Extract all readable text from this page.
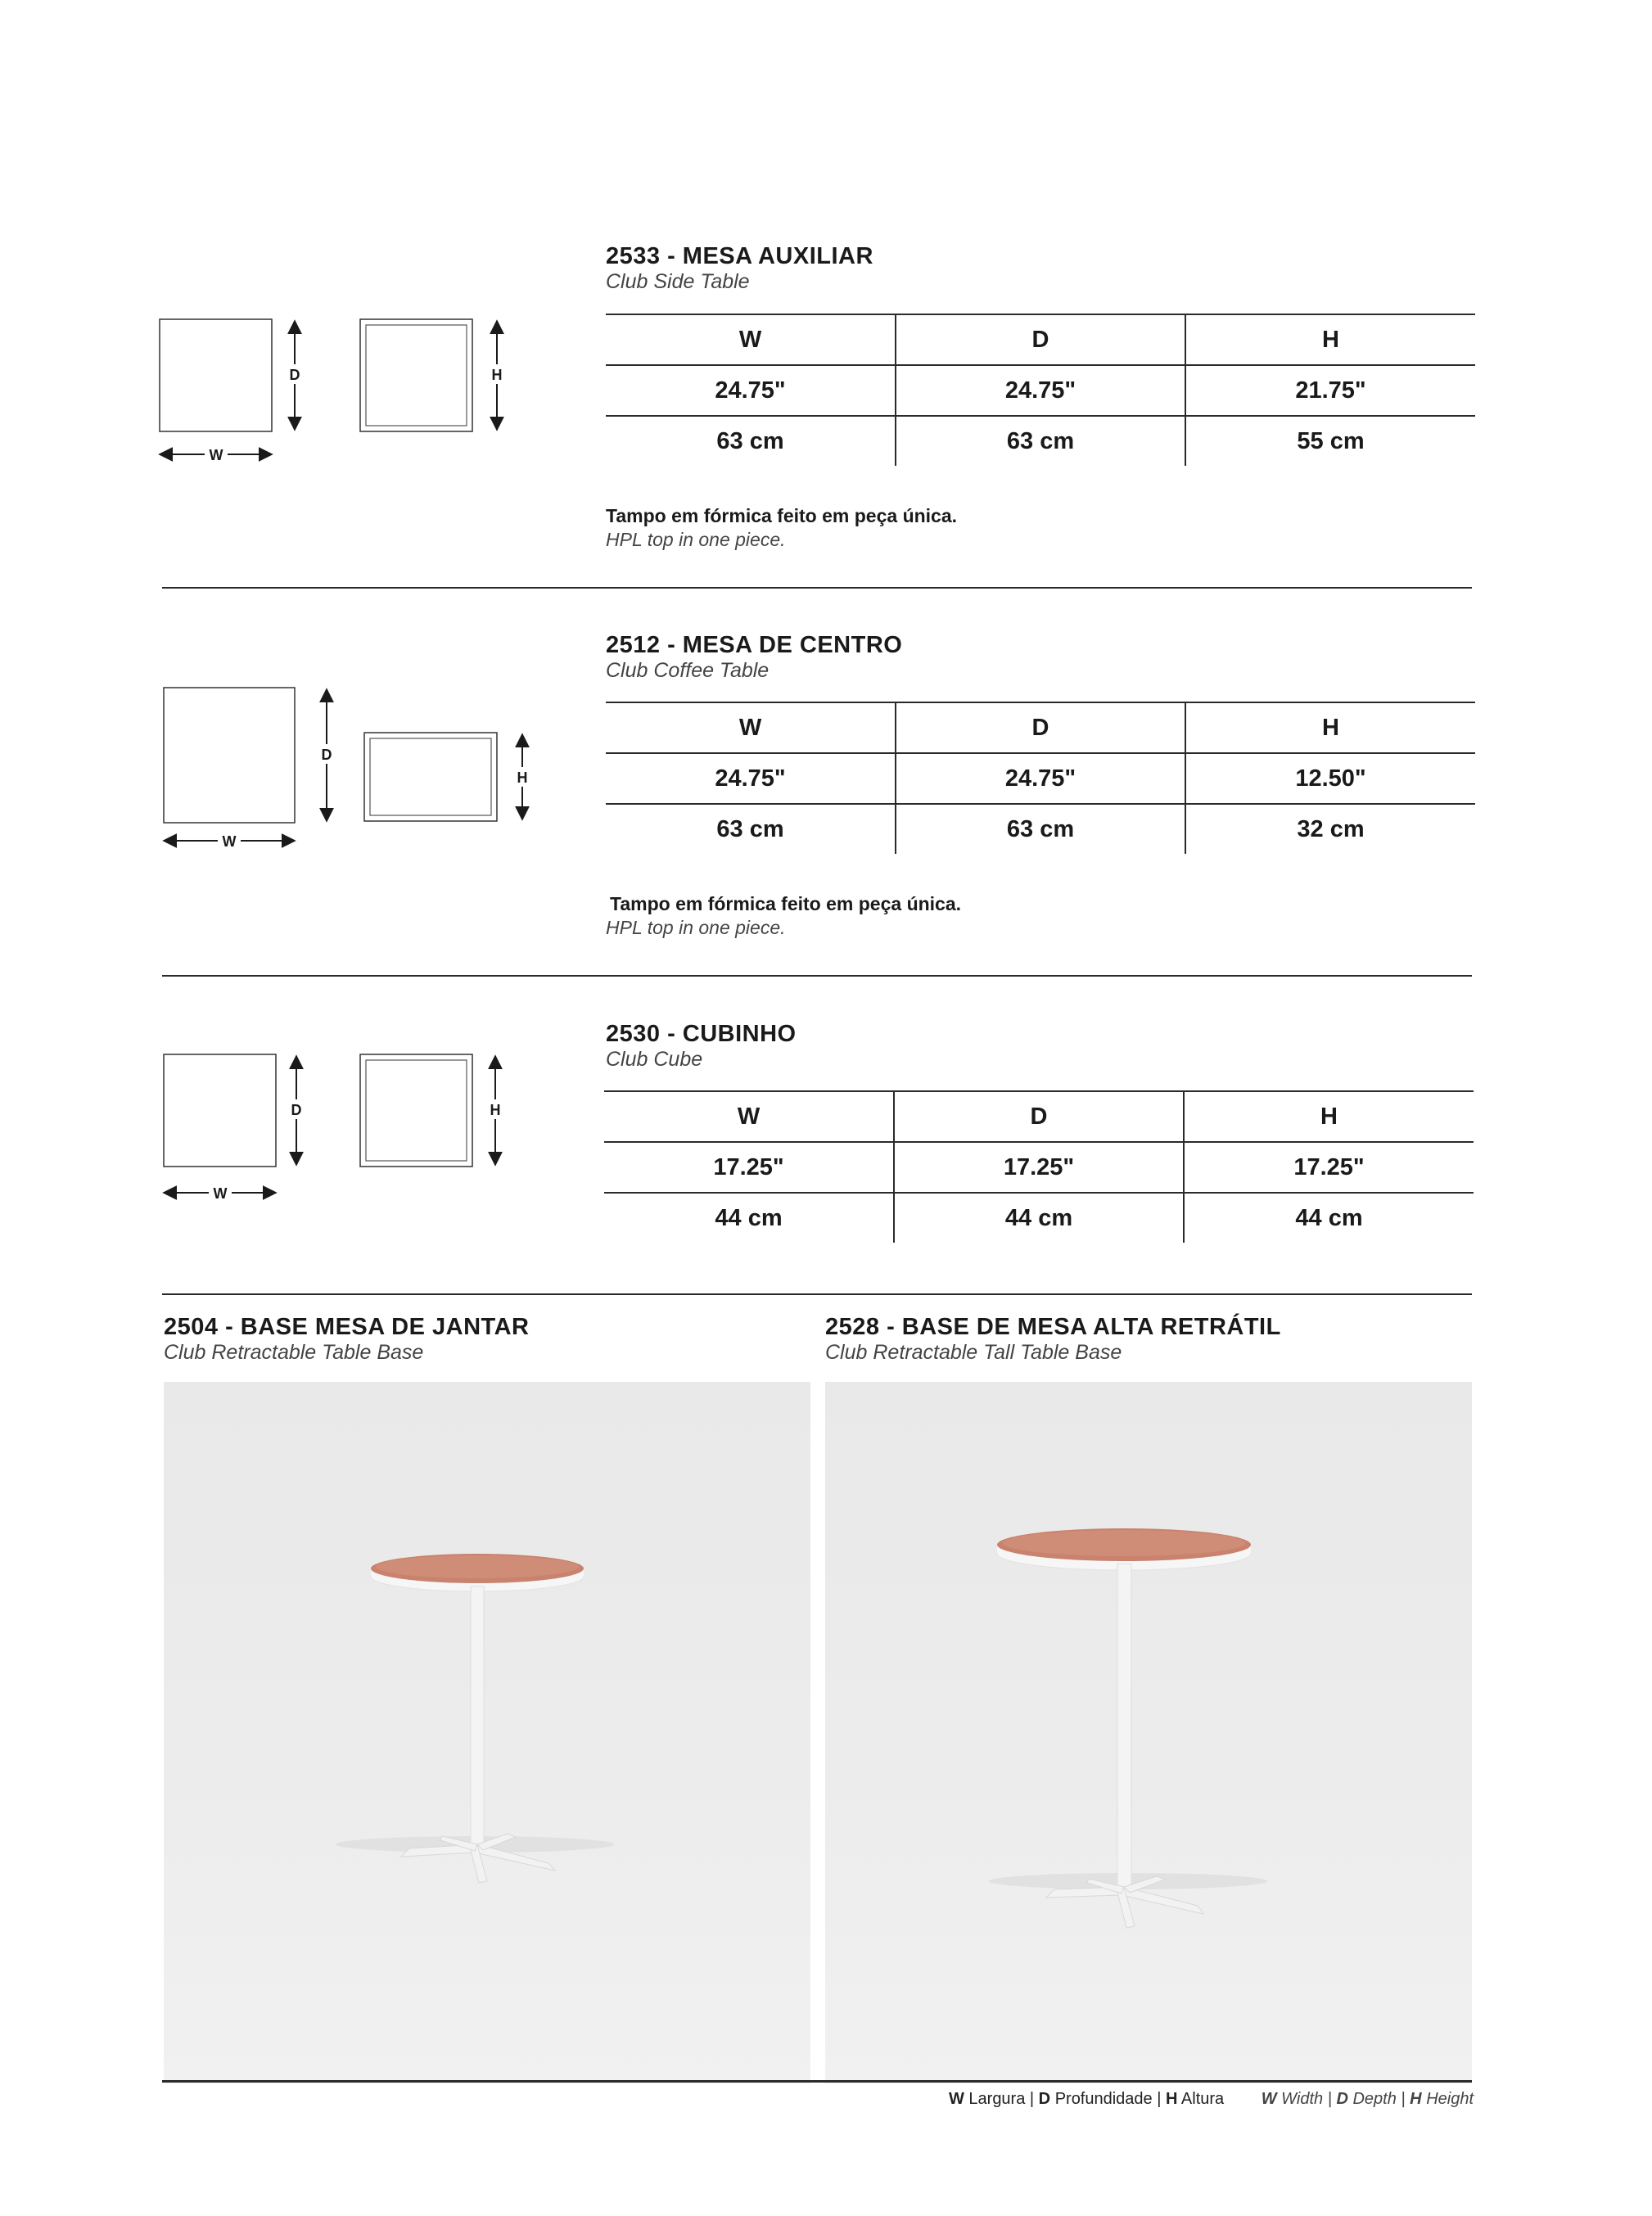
D
W
H
2533 - MESA AUXILIAR
Club Side Table
W	D	H
24.75"	24.75"	21.75"
63 cm	63 cm	55 cm
Tampo em fórmica feito em peça única.
HPL top in one piece.
D
W
H
2512 - MESA DE CENTRO
Club Coffee Table
W	D	H
24.75"	24.75"	12.50"
63 cm	63 cm	32 cm
Tampo em fórmica feito em peça única.
HPL top in one piece.
D
W
H
2530 - CUBINHO
Club Cube
W	D	H
17.25"	17.25"	17.25"
44 cm	44 cm	44 cm
2504 - BASE MESA DE JANTAR
Club Retractable Table Base
2528 - BASE DE MESA ALTA RETRÁTIL
Club Retractable Tall Table Base
W Largura | D Profundidade | H Altura W Width | D Depth | H Height
